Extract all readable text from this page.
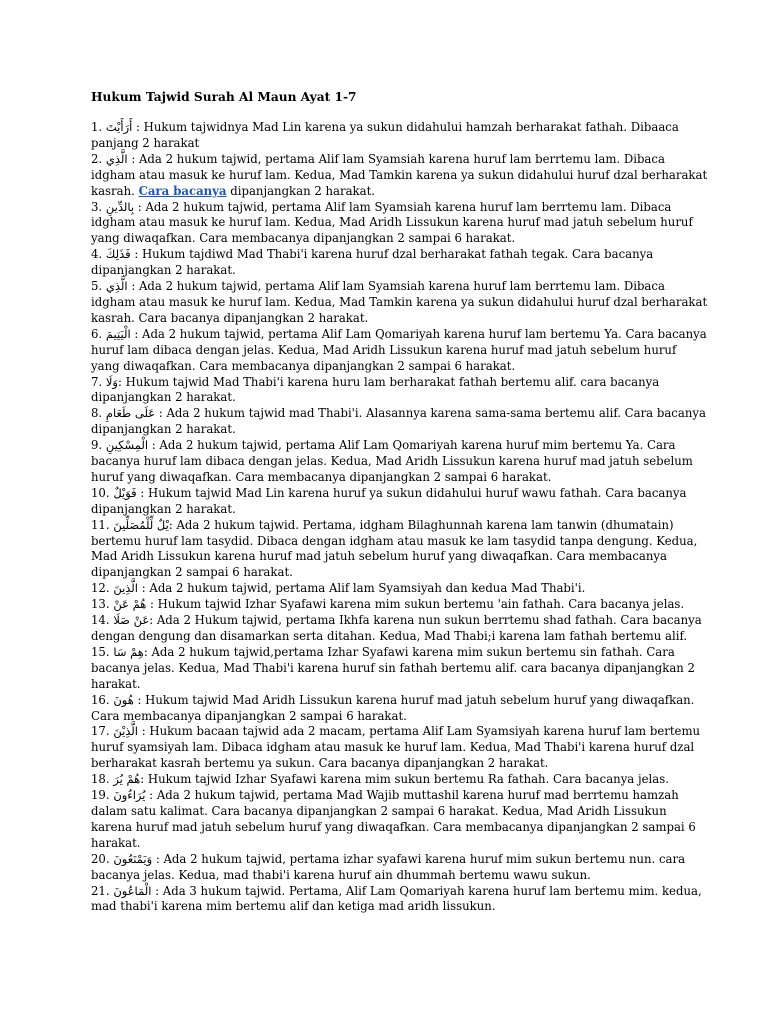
Hukum Tajwid Surah Al Maun Ayat 1-7

1. أَرَأَيْتَ : Hukum tajwidnya Mad Lin karena ya sukun didahului hamzah berharakat fathah. Dibaaca panjang 2 harakat

2. الَّذِي : Ada 2 hukum tajwid, pertama Alif lam Syamsiah karena huruf lam berrtemu lam. Dibaca idgham atau masuk ke huruf lam. Kedua, Mad Tamkin karena ya sukun didahului huruf dzal berharakat kasrah. Cara bacanya dipanjangkan 2 harakat.

3. بِالدِّينِ : Ada 2 hukum tajwid, pertama Alif lam Syamsiah karena huruf lam berrtemu lam. Dibaca idgham atau masuk ke huruf lam. Kedua, Mad Aridh Lissukun karena huruf mad jatuh sebelum huruf yang diwaqafkan. Cara membacanya dipanjangkan 2 sampai 6 harakat.

4. فَذَلِكَ : Hukum tajdiwd Mad Thabi'i karena huruf dzal berharakat fathah tegak. Cara bacanya dipanjangkan 2 harakat.

5. الَّذِي : Ada 2 hukum tajwid, pertama Alif lam Syamsiah karena huruf lam berrtemu lam. Dibaca idgham atau masuk ke huruf lam. Kedua, Mad Tamkin karena ya sukun didahului huruf dzal berharakat kasrah. Cara bacanya dipanjangkan 2 harakat.

6. الْيَتِيمَ : Ada 2 hukum tajwid, pertama Alif Lam Qomariyah karena huruf lam bertemu Ya. Cara bacanya huruf lam dibaca dengan jelas. Kedua, Mad Aridh Lissukun karena huruf mad jatuh sebelum huruf yang diwaqafkan. Cara membacanya dipanjangkan 2 sampai 6 harakat.

7. وَلَا: Hukum tajwid Mad Thabi'i karena huru lam berharakat fathah bertemu alif. cara bacanya dipanjangkan 2 harakat.

8. عَلَى طَعَامِ : Ada 2 hukum tajwid mad Thabi'i. Alasannya karena sama-sama bertemu alif. Cara bacanya dipanjangkan 2 harakat.

9. الْمِسْكِينِ : Ada 2 hukum tajwid, pertama Alif Lam Qomariyah karena huruf mim bertemu Ya. Cara bacanya huruf lam dibaca dengan jelas. Kedua, Mad Aridh Lissukun karena huruf mad jatuh sebelum huruf yang diwaqafkan. Cara membacanya dipanjangkan 2 sampai 6 harakat.

10. فَوَيْلٌ : Hukum tajwid Mad Lin karena huruf ya sukun didahului huruf wawu fathah. Cara bacanya dipanjangkan 2 harakat.

11. يْلٌ لِّلْمُصَلِّينَ: Ada 2 hukum tajwid. Pertama, idgham Bilaghunnah karena lam tanwin (dhumatain) bertemu huruf lam tasydid. Dibaca dengan idgham atau masuk ke lam tasydid tanpa dengung. Kedua, Mad Aridh Lissukun karena huruf mad jatuh sebelum huruf yang diwaqafkan. Cara membacanya dipanjangkan 2 sampai 6 harakat.

12. الَّذِينَ : Ada 2 hukum tajwid, pertama Alif lam Syamsiyah dan kedua Mad Thabi'i.

13. هُمْ عَنْ : Hukum tajwid Izhar Syafawi karena mim sukun bertemu 'ain fathah. Cara bacanya jelas.

14. عَنْ صَلَا: Ada 2 Hukum tajwid, pertama Ikhfa karena nun sukun berrtemu shad fathah. Cara bacanya dengan dengung dan disamarkan serta ditahan. Kedua, Mad Thabi;i karena lam fathah bertemu alif.

15. هِمْ سَا: Ada 2 hukum tajwid,pertama Izhar Syafawi karena mim sukun bertemu sin fathah. Cara bacanya jelas. Kedua, Mad Thabi'i karena huruf sin fathah bertemu alif. cara bacanya dipanjangkan 2 harakat.

16. هُونَ : Hukum tajwid Mad Aridh Lissukun karena huruf mad jatuh sebelum huruf yang diwaqafkan. Cara membacanya dipanjangkan 2 sampai 6 harakat.

17. الَّذِيْنَ : Hukum bacaan tajwid ada 2 macam, pertama Alif Lam Syamsiyah karena huruf lam bertemu huruf syamsiyah lam. Dibaca idgham atau masuk ke huruf lam. Kedua, Mad Thabi'i karena huruf dzal berharakat kasrah bertemu ya sukun. Cara bacanya dipanjangkan 2 harakat.

18. هُمْ يُرَ: Hukum tajwid Izhar Syafawi karena mim sukun bertemu Ra fathah. Cara bacanya jelas.

19. يُرَاءُونَ : Ada 2 hukum tajwid, pertama Mad Wajib muttashil karena huruf mad berrtemu hamzah dalam satu kalimat. Cara bacanya dipanjangkan 2 sampai 6 harakat. Kedua, Mad Aridh Lissukun karena huruf mad jatuh sebelum huruf yang diwaqafkan. Cara membacanya dipanjangkan 2 sampai 6 harakat.

20. وَيَمْنَعُونَ : Ada 2 hukum tajwid, pertama izhar syafawi karena huruf mim sukun bertemu nun. cara bacanya jelas. Kedua, mad thabi'i karena huruf ain dhummah bertemu wawu sukun.

21. الْمَاعُونَ : Ada 3 hukum tajwid. Pertama, Alif Lam Qomariyah karena huruf lam bertemu mim. kedua, mad thabi'i karena mim bertemu alif dan ketiga mad aridh lissukun.
